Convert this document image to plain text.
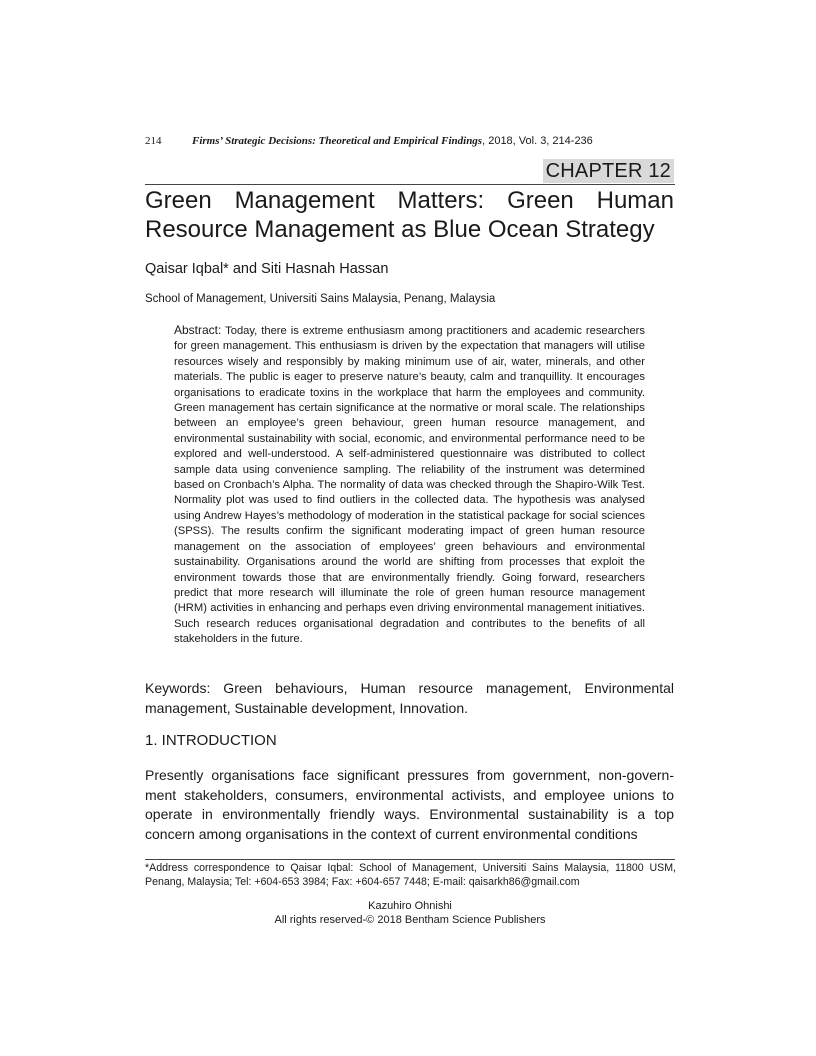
214	Firms’ Strategic Decisions: Theoretical and Empirical Findings, 2018, Vol. 3, 214-236
CHAPTER 12
Green Management Matters: Green Human
Resource Management as Blue Ocean Strategy
Qaisar Iqbal* and Siti Hasnah Hassan
School of Management, Universiti Sains Malaysia, Penang, Malaysia

Abstract: Today, there is extreme enthusiasm among practitioners and academic researchers for green management. This enthusiasm is driven by the expectation that managers will utilise resources wisely and responsibly by making minimum use of air, water, minerals, and other materials. The public is eager to preserve nature’s beauty, calm and tranquillity. It encourages organisations to eradicate toxins in the workplace that harm the employees and community. Green management has certain significance at the normative or moral scale. The relationships between an employee’s green behaviour, green human resource management, and environmental sustainability with social, economic, and environmental performance need to be explored and well-understood. A self-administered questionnaire was distributed to collect sample data using convenience sampling. The reliability of the instrument was determined based on Cronbach’s Alpha. The normality of data was checked through the Shapiro-Wilk Test. Normality plot was used to find outliers in the collected data. The hypothesis was analysed using Andrew Hayes’s methodology of moderation in the statistical package for social sciences (SPSS). The results confirm the significant moderating impact of green human resource management on the association of employees’ green behaviours and environmental sustainability. Organisations around the world are shifting from processes that exploit the environment towards those that are environmentally friendly. Going forward, researchers predict that more research will illuminate the role of green human resource management (HRM) activities in enhancing and perhaps even driving environmental management initiatives. Such research reduces organisational degradation and contributes to the benefits of all stakeholders in the future.

Keywords: Green behaviours, Human resource management, Environmental management, Sustainable development, Innovation.

1. INTRODUCTION

Presently organisations face significant pressures from government, non-govern-ment stakeholders, consumers, environmental activists, and employee unions to operate in environmentally friendly ways. Environmental sustainability is a top concern among organisations in the context of current environmental conditions

*Address correspondence to Qaisar Iqbal: School of Management, Universiti Sains Malaysia, 11800 USM, Penang, Malaysia; Tel: +604-653 3984; Fax: +604-657 7448; E-mail: qaisarkh86@gmail.com

Kazuhiro Ohnishi
All rights reserved-© 2018 Bentham Science Publishers
